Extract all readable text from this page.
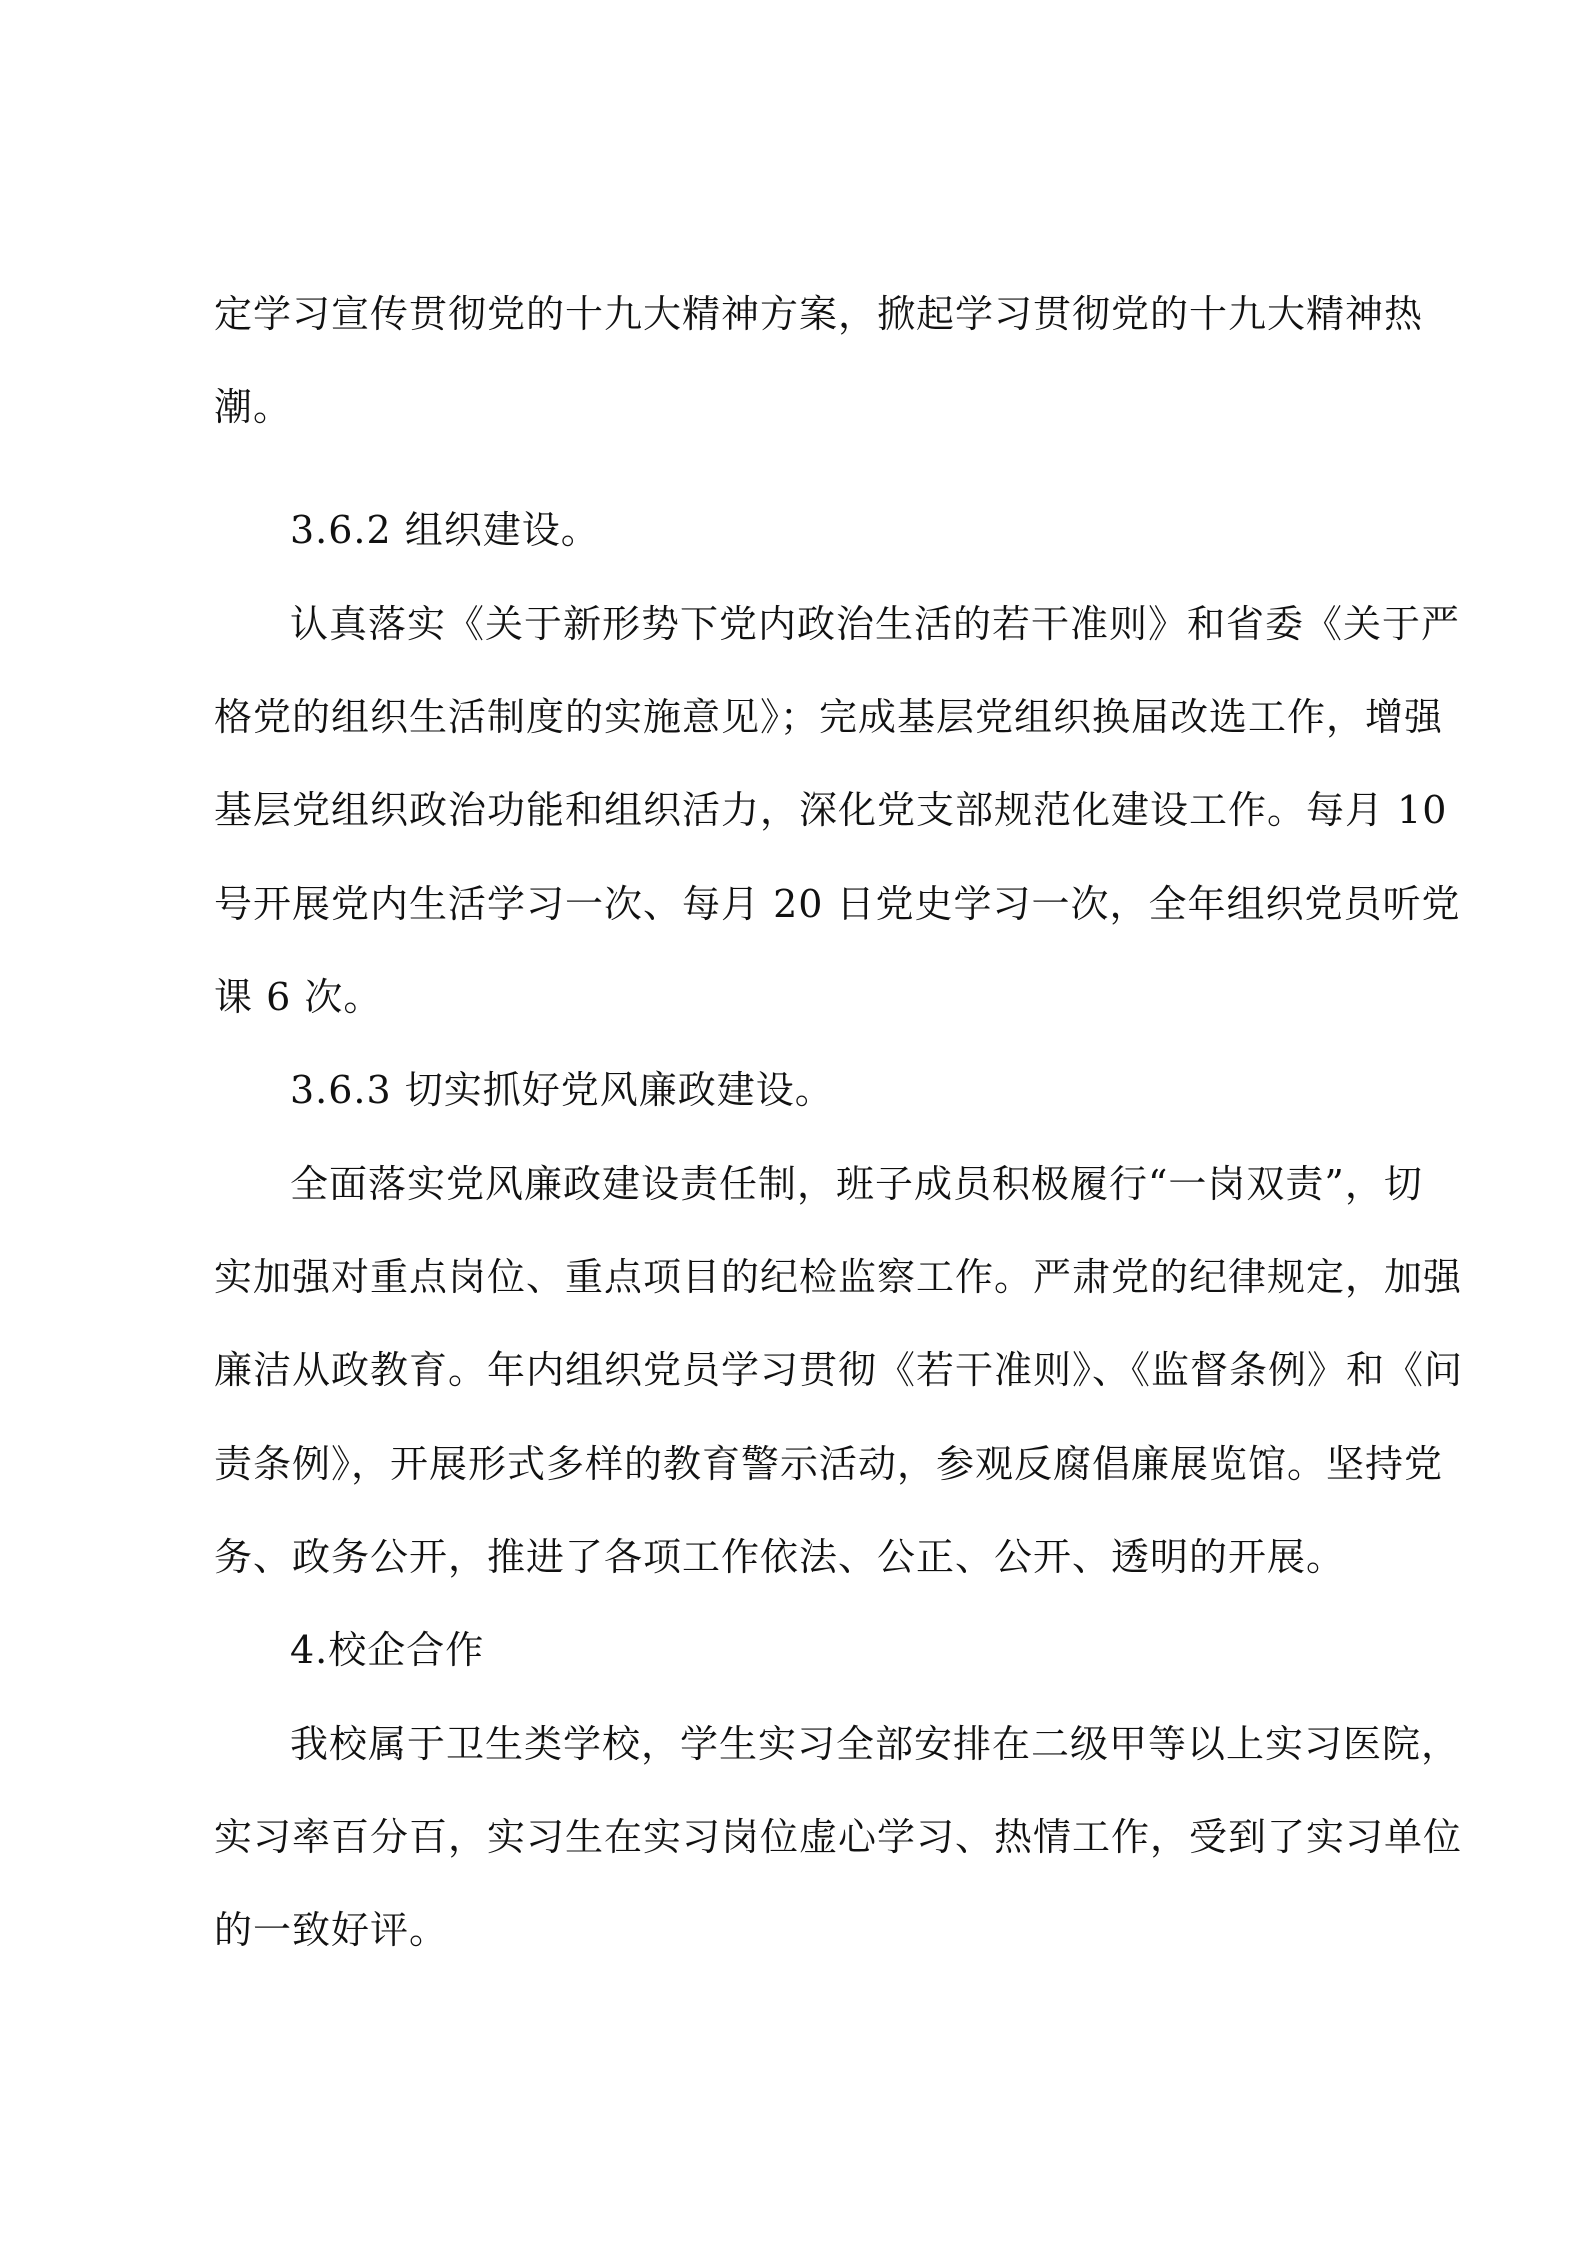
定学习宣传贯彻党的十九大精神方案，掀起学习贯彻党的十九大精神热
潮。
3.6.2 组织建设。
认真落实《关于新形势下党内政治生活的若干准则》和省委《关于严
格党的组织生活制度的实施意见》；完成基层党组织换届改选工作，增强
基层党组织政治功能和组织活力，深化党支部规范化建设工作。每月 10
号开展党内生活学习一次、每月 20 日党史学习一次，全年组织党员听党
课 6 次。
3.6.3 切实抓好党风廉政建设。
全面落实党风廉政建设责任制，班子成员积极履行“一岗双责”，切
实加强对重点岗位、重点项目的纪检监察工作。严肃党的纪律规定，加强
廉洁从政教育。年内组织党员学习贯彻《若干准则》、《监督条例》和《问
责条例》，开展形式多样的教育警示活动，参观反腐倡廉展览馆。坚持党
务、政务公开，推进了各项工作依法、公正、公开、透明的开展。
4.校企合作
我校属于卫生类学校，学生实习全部安排在二级甲等以上实习医院，
实习率百分百，实习生在实习岗位虚心学习、热情工作，受到了实习单位
的一致好评。
